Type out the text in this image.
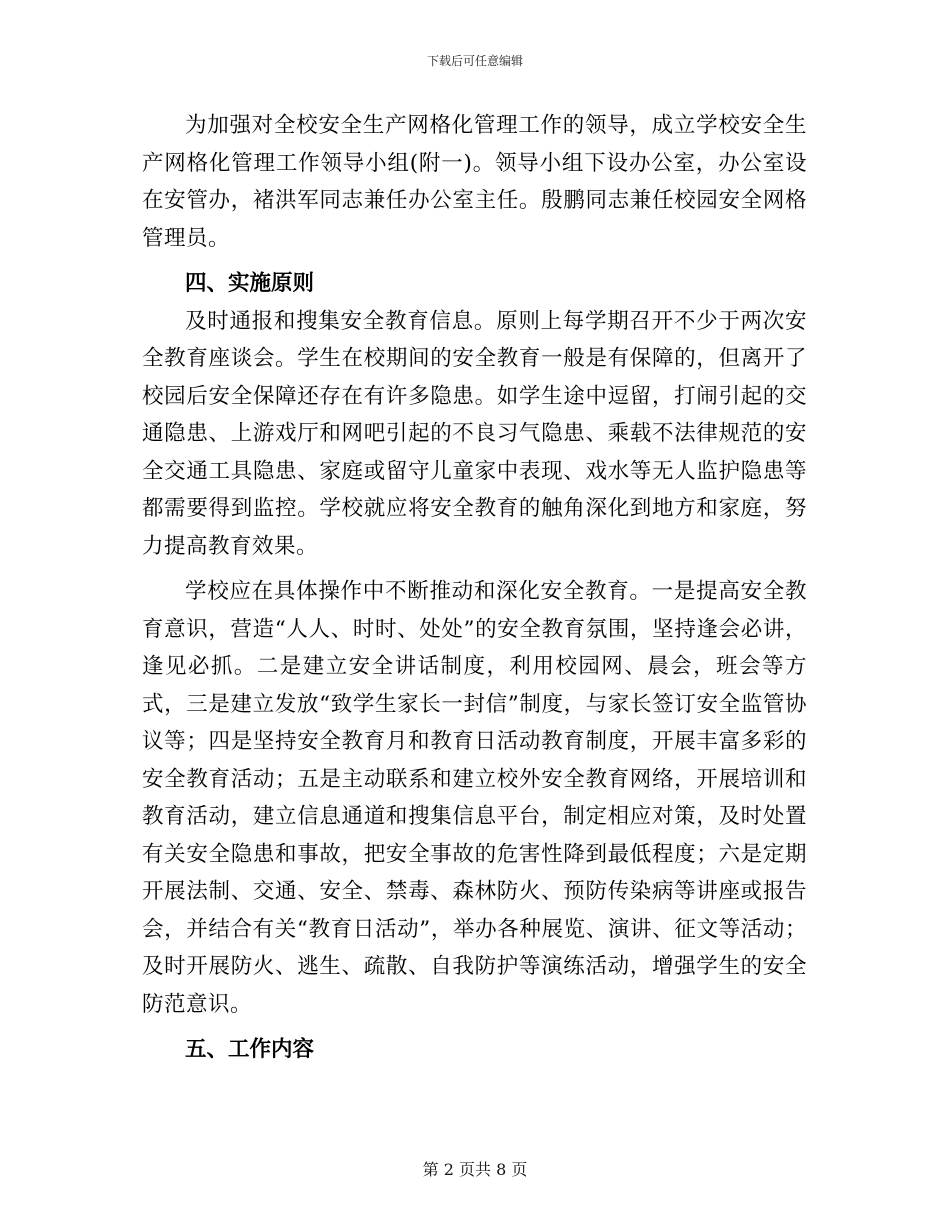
下载后可任意编辑

为加强对全校安全生产网格化管理工作的领导，成立学校安全生产网格化管理工作领导小组(附一)。领导小组下设办公室，办公室设在安管办，褚洪军同志兼任办公室主任。殷鹏同志兼任校园安全网格管理员。

四、实施原则

及时通报和搜集安全教育信息。原则上每学期召开不少于两次安全教育座谈会。学生在校期间的安全教育一般是有保障的，但离开了校园后安全保障还存在有许多隐患。如学生途中逗留，打闹引起的交通隐患、上游戏厅和网吧引起的不良习气隐患、乘载不法律规范的安全交通工具隐患、家庭或留守儿童家中表现、戏水等无人监护隐患等都需要得到监控。学校就应将安全教育的触角深化到地方和家庭，努力提高教育效果。

学校应在具体操作中不断推动和深化安全教育。一是提高安全教育意识，营造“人人、时时、处处”的安全教育氛围，坚持逢会必讲，逢见必抓。二是建立安全讲话制度，利用校园网、晨会，班会等方式，三是建立发放“致学生家长一封信”制度，与家长签订安全监管协议等；四是坚持安全教育月和教育日活动教育制度，开展丰富多彩的安全教育活动；五是主动联系和建立校外安全教育网络，开展培训和教育活动，建立信息通道和搜集信息平台，制定相应对策，及时处置有关安全隐患和事故，把安全事故的危害性降到最低程度；六是定期开展法制、交通、安全、禁毒、森林防火、预防传染病等讲座或报告会，并结合有关“教育日活动”，举办各种展览、演讲、征文等活动；及时开展防火、逃生、疏散、自我防护等演练活动，增强学生的安全防范意识。

五、工作内容

第 2 页共 8 页
